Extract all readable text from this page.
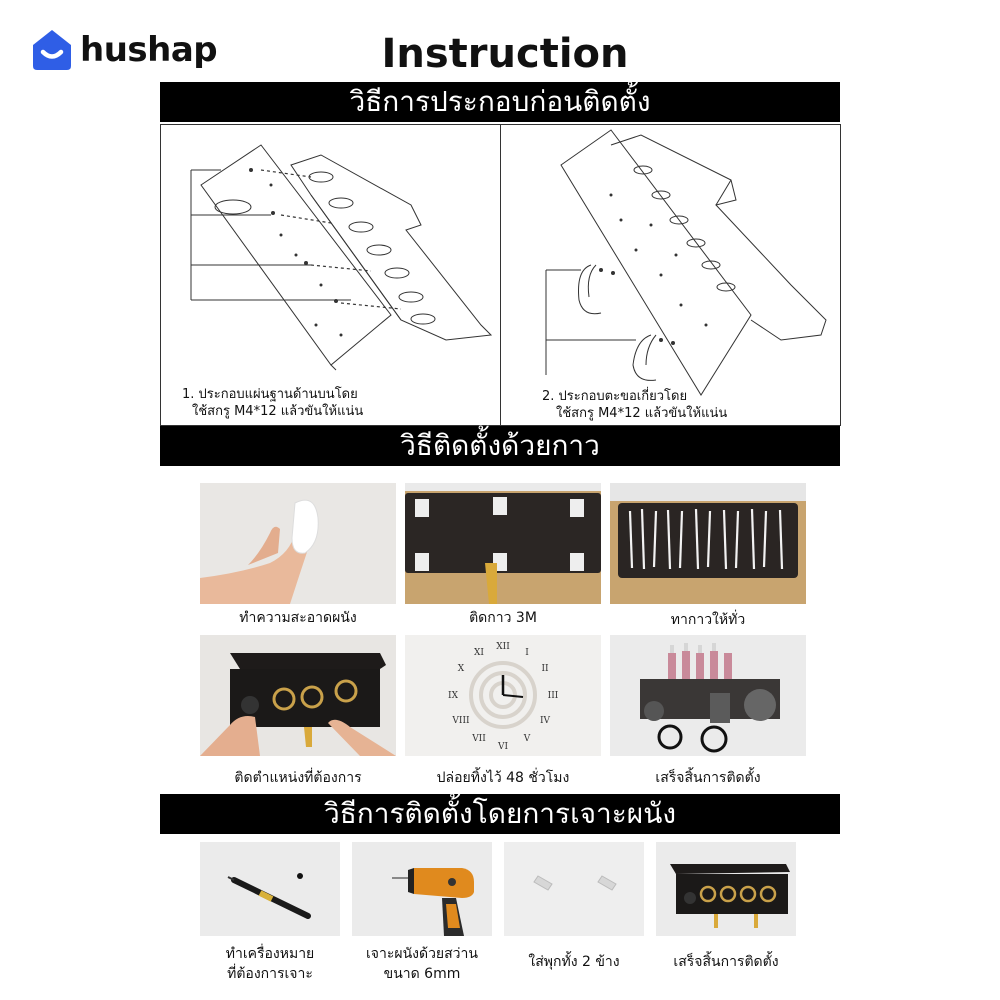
hushap	Instruction
วิธีการประกอบก่อนติดตั้ง
1. ประกอบแผ่นฐานด้านบนโดย
ใช้สกรู M4*12 แล้วขันให้แน่น
2. ประกอบตะขอเกี่ยวโดย
ใช้สกรู M4*12 แล้วขันให้แน่น
วิธีติดตั้งด้วยกาว
ทำความสะอาดผนัง	ติดกาว 3M	ทากาวให้ทั่ว
XII
I
II
III
IV
V
VI
VII
VIII
IX
X
XI
ติดตำแหน่งที่ต้องการ	ปล่อยทิ้งไว้ 48 ชั่วโมง	เสร็จสิ้นการติดตั้ง
วิธีการติดตั้งโดยการเจาะผนัง
ทำเครื่องหมาย
ที่ต้องการเจาะ
เจาะผนังด้วยสว่าน
ขนาด 6mm
ใส่พุกทั้ง 2 ข้าง	เสร็จสิ้นการติดตั้ง
